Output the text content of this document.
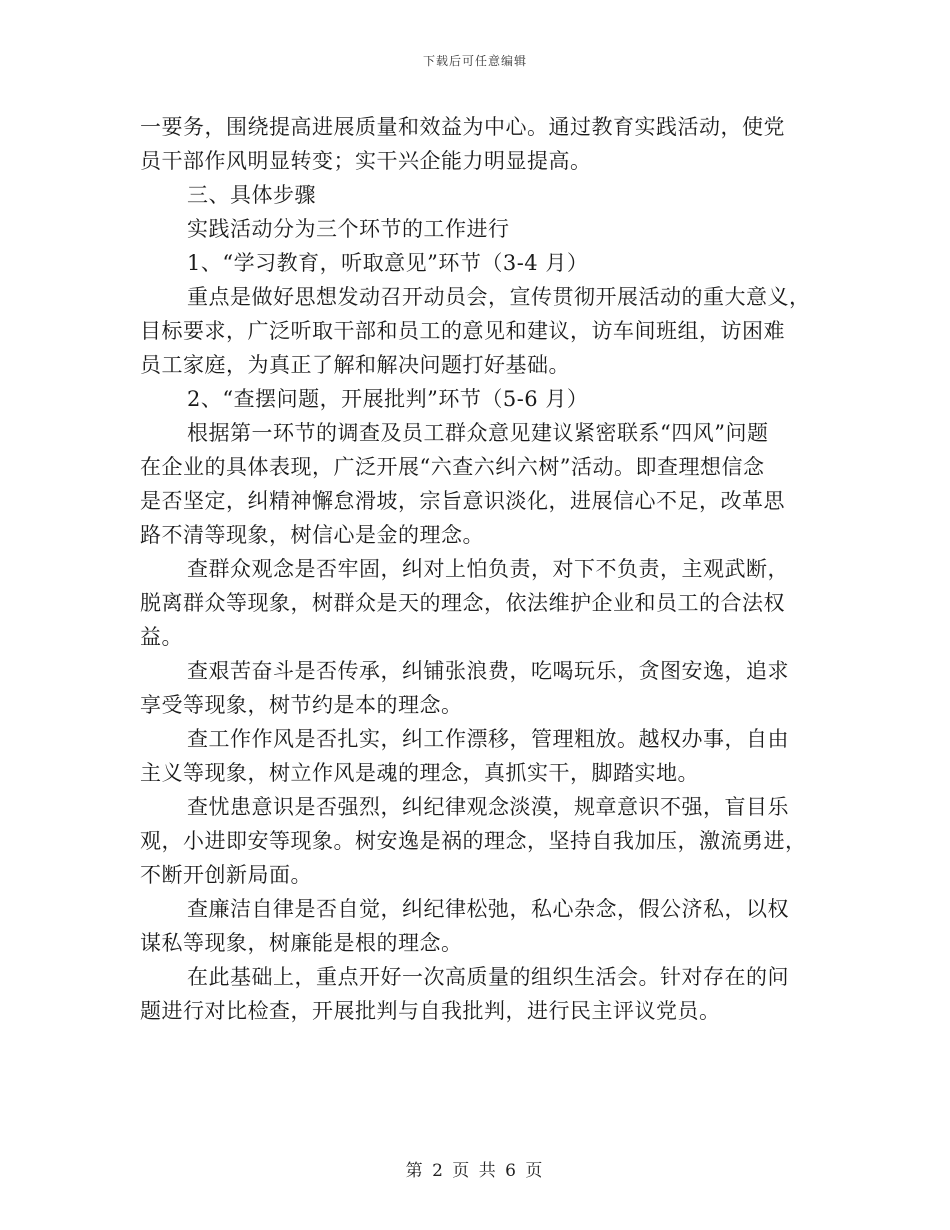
下载后可任意编辑
一要务，围绕提高进展质量和效益为中心。通过教育实践活动，使党
员干部作风明显转变；实干兴企能力明显提高。
三、具体步骤
实践活动分为三个环节的工作进行
1、“学习教育，听取意见”环节（3-4 月）
重点是做好思想发动召开动员会，宣传贯彻开展活动的重大意义，
目标要求，广泛听取干部和员工的意见和建议，访车间班组，访困难
员工家庭，为真正了解和解决问题打好基础。
2、“查摆问题，开展批判”环节（5-6 月）
根据第一环节的调查及员工群众意见建议紧密联系“四风”问题
在企业的具体表现，广泛开展“六查六纠六树”活动。即查理想信念
是否坚定，纠精神懈怠滑坡，宗旨意识淡化，进展信心不足，改革思
路不清等现象，树信心是金的理念。
查群众观念是否牢固，纠对上怕负责，对下不负责，主观武断，
脱离群众等现象，树群众是天的理念，依法维护企业和员工的合法权
益。
查艰苦奋斗是否传承，纠铺张浪费，吃喝玩乐，贪图安逸，追求
享受等现象，树节约是本的理念。
查工作作风是否扎实，纠工作漂移，管理粗放。越权办事，自由
主义等现象，树立作风是魂的理念，真抓实干，脚踏实地。
查忧患意识是否强烈，纠纪律观念淡漠，规章意识不强，盲目乐
观，小进即安等现象。树安逸是祸的理念，坚持自我加压，激流勇进，
不断开创新局面。
查廉洁自律是否自觉，纠纪律松弛，私心杂念，假公济私，以权
谋私等现象，树廉能是根的理念。
在此基础上，重点开好一次高质量的组织生活会。针对存在的问
题进行对比检查，开展批判与自我批判，进行民主评议党员。
第 2 页 共 6 页
